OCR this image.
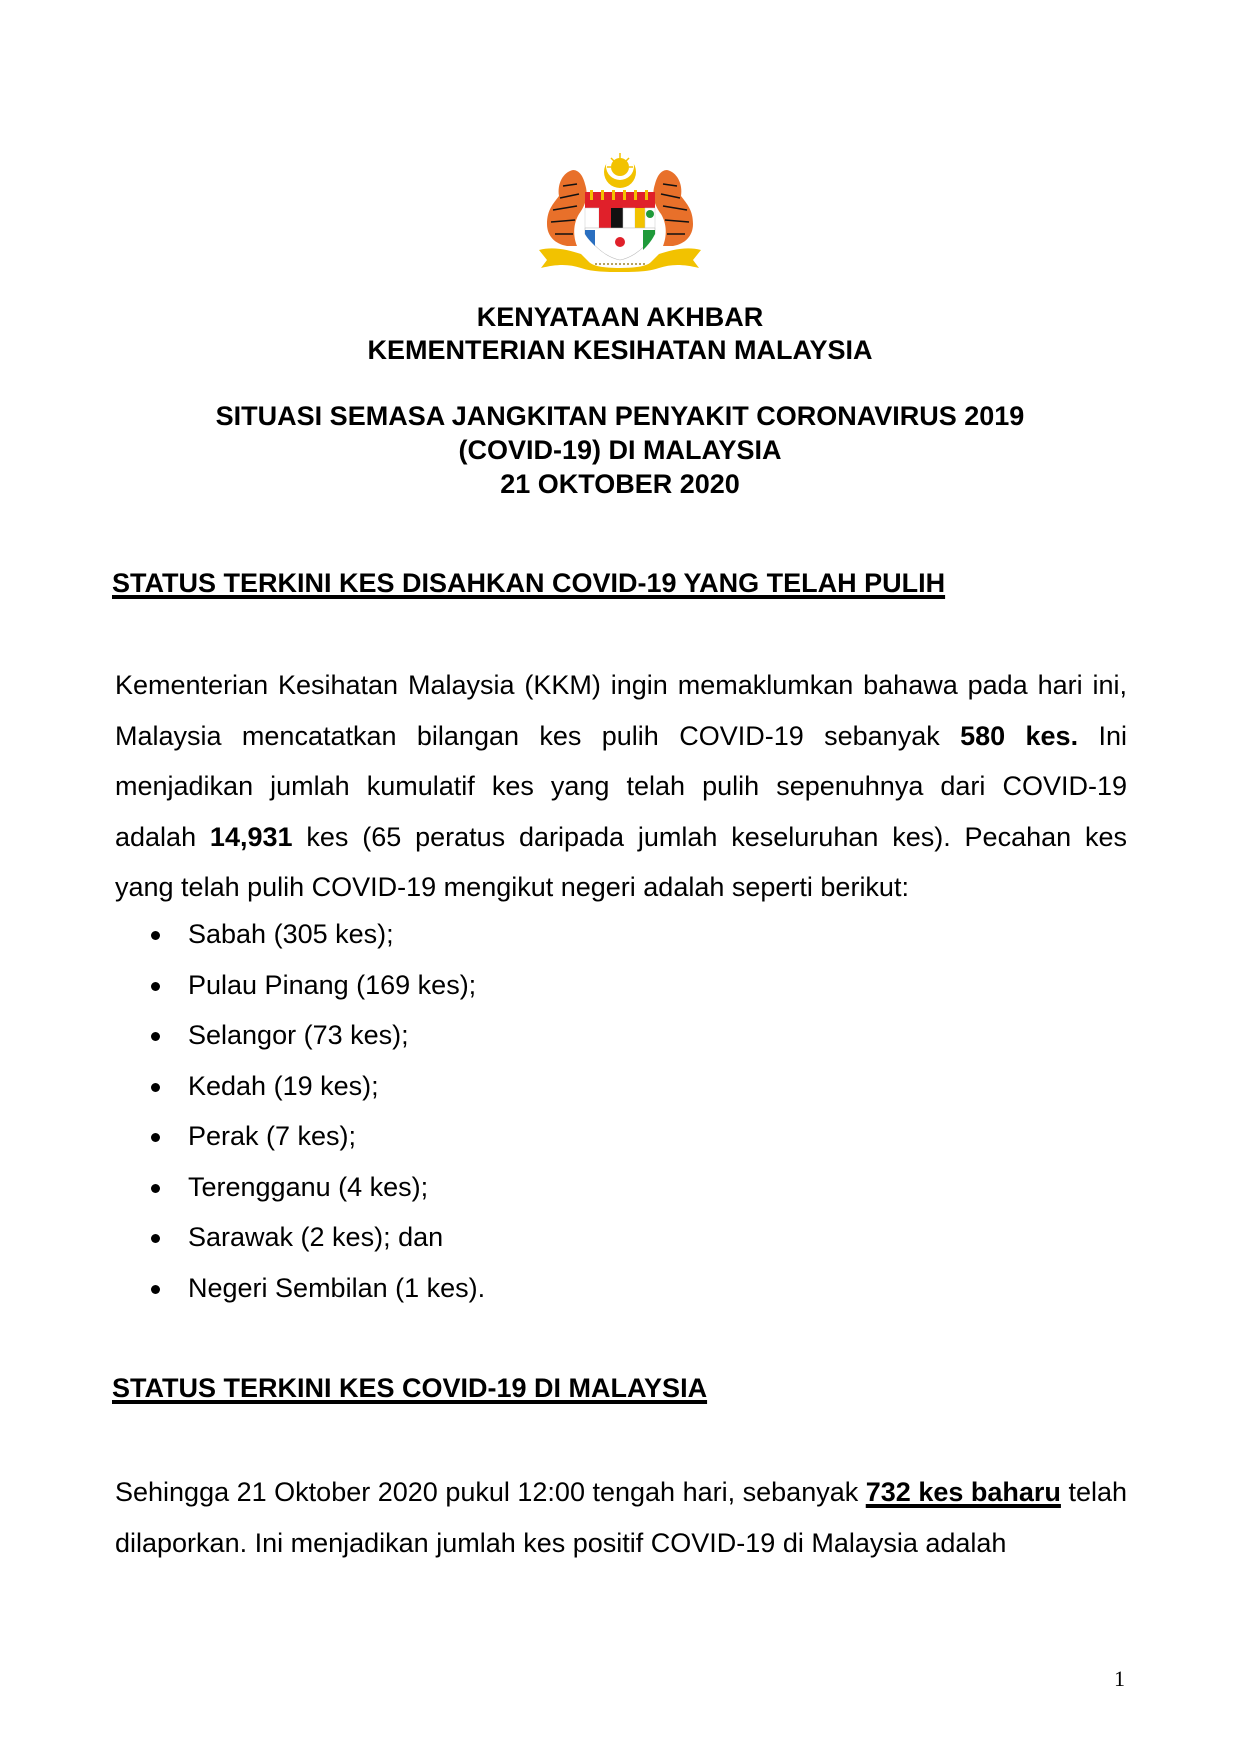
KENYATAAN AKHBAR
KEMENTERIAN KESIHATAN MALAYSIA
SITUASI SEMASA JANGKITAN PENYAKIT CORONAVIRUS 2019
(COVID-19) DI MALAYSIA
21 OKTOBER 2020
STATUS TERKINI KES DISAHKAN COVID-19 YANG TELAH PULIH
Kementerian Kesihatan Malaysia (KKM) ingin memaklumkan bahawa pada hari ini, Malaysia mencatatkan bilangan kes pulih COVID-19 sebanyak 580 kes. Ini menjadikan jumlah kumulatif kes yang telah pulih sepenuhnya dari COVID-19 adalah 14,931 kes (65 peratus daripada jumlah keseluruhan kes). Pecahan kes yang telah pulih COVID-19 mengikut negeri adalah seperti berikut:
Sabah (305 kes);
Pulau Pinang (169 kes);
Selangor (73 kes);
Kedah (19 kes);
Perak (7 kes);
Terengganu (4 kes);
Sarawak (2 kes); dan
Negeri Sembilan (1 kes).
STATUS TERKINI KES COVID-19 DI MALAYSIA
Sehingga 21 Oktober 2020 pukul 12:00 tengah hari, sebanyak 732 kes baharu telah dilaporkan. Ini menjadikan jumlah kes positif COVID-19 di Malaysia adalah
1
